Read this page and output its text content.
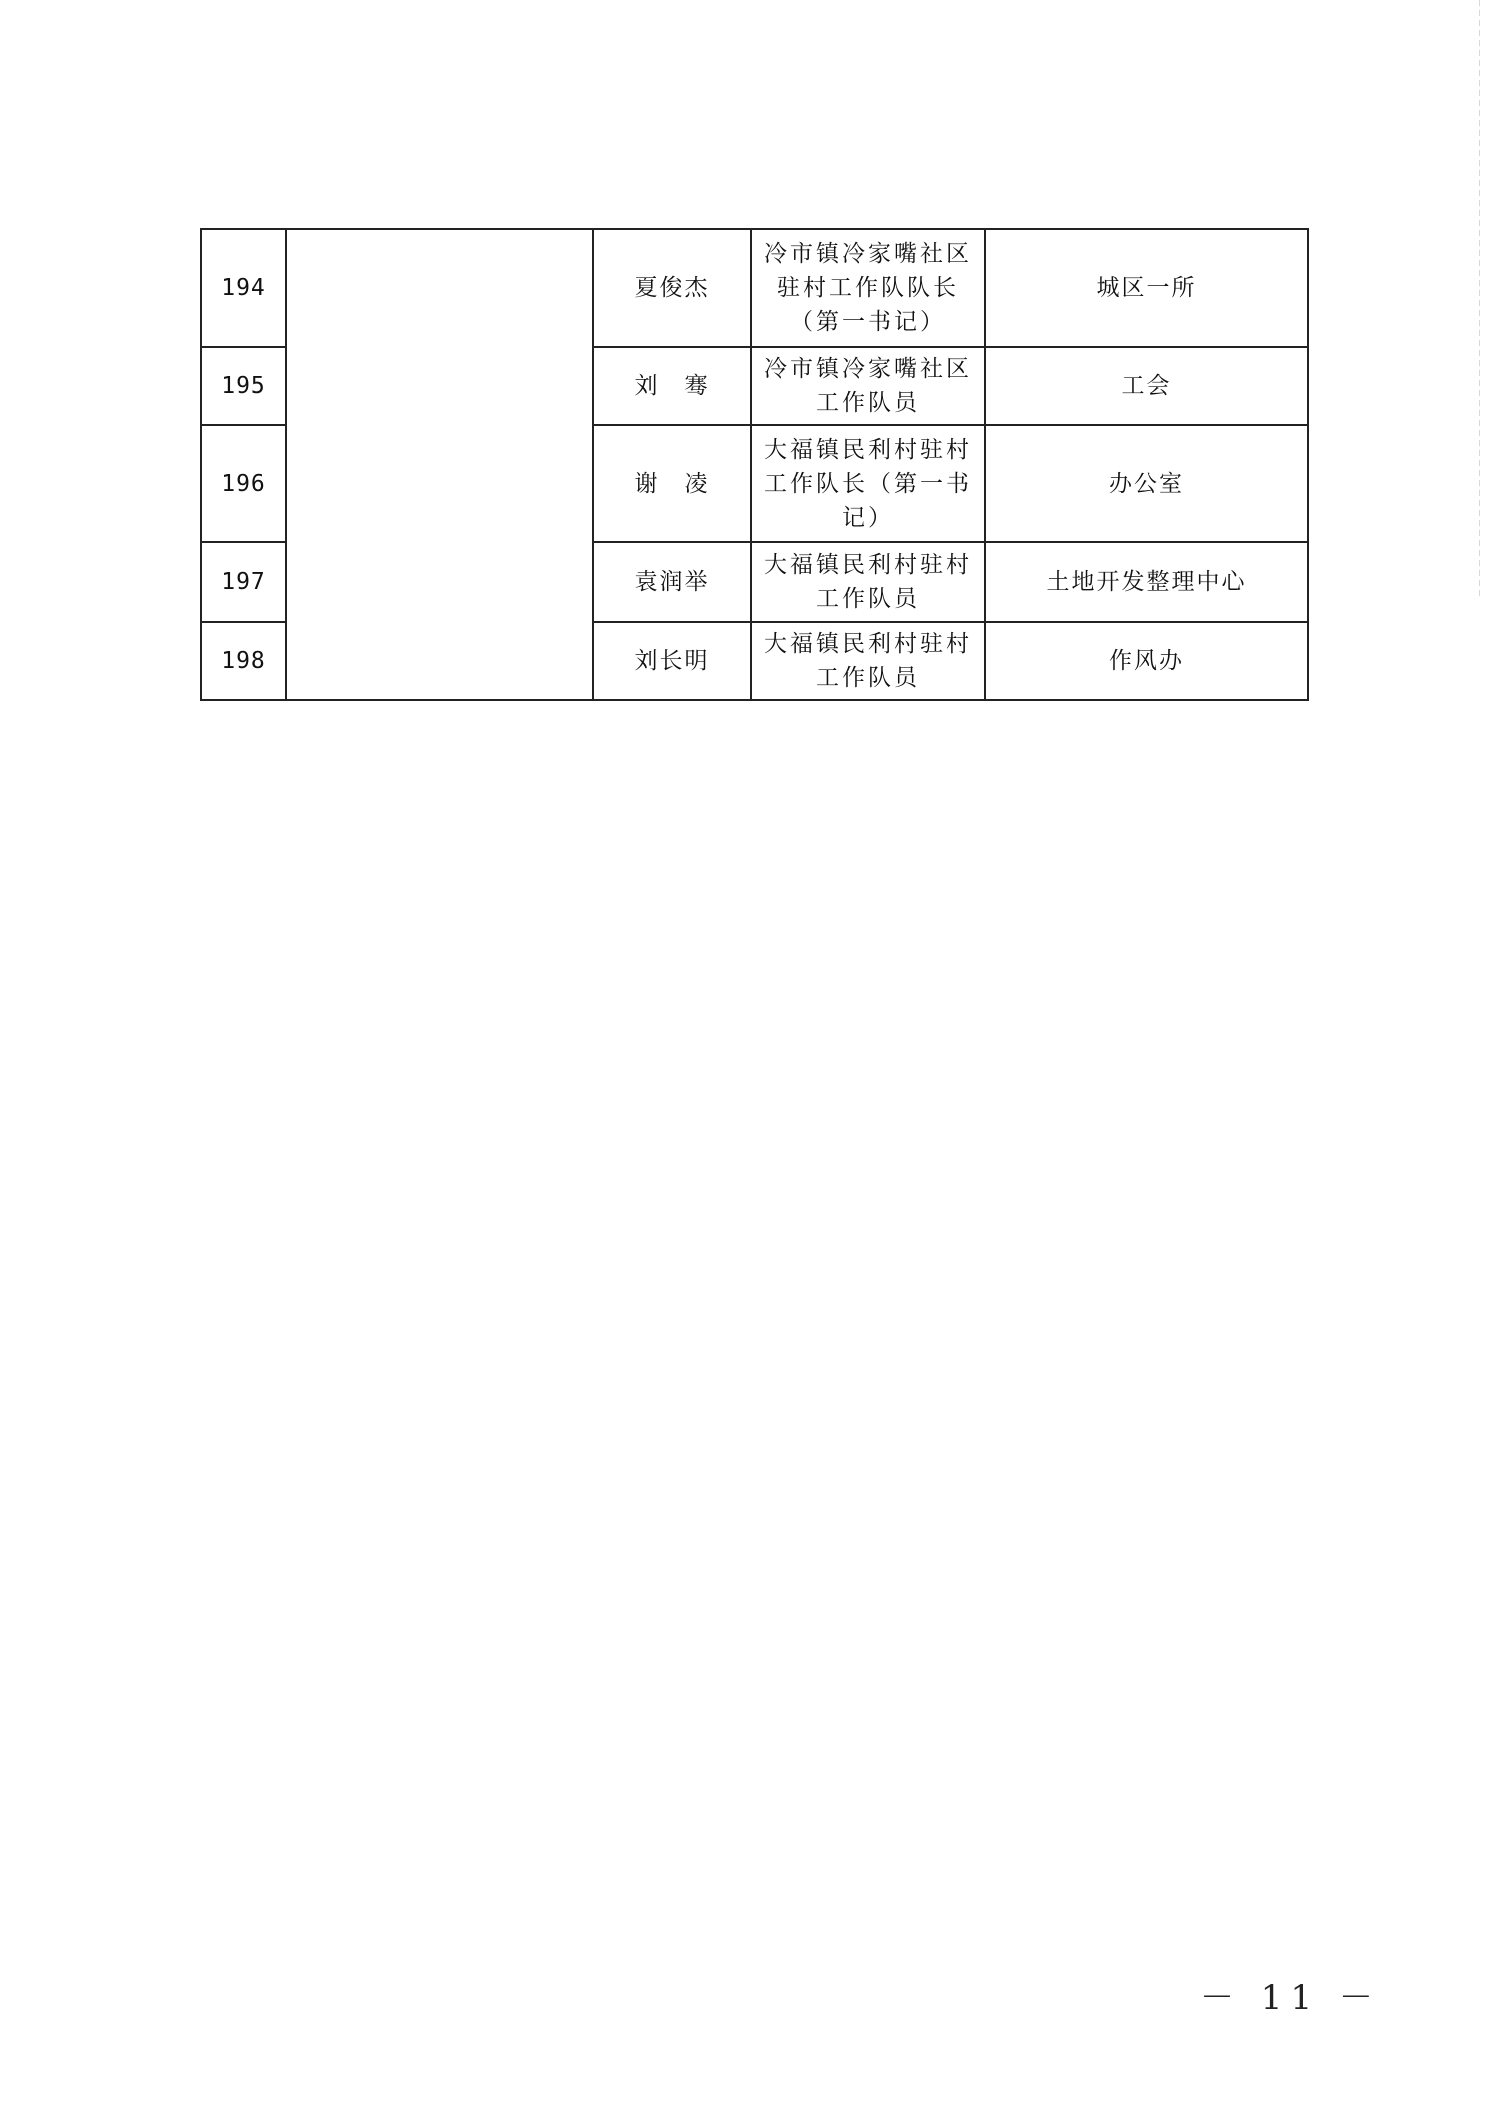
194		夏俊杰	冷市镇冷家嘴社区
驻村工作队队长
（第一书记）	城区一所
195		刘　骞	冷市镇冷家嘴社区
工作队员	工会
196		谢　凌	大福镇民利村驻村
工作队长（第一书
记）	办公室
197		袁润举	大福镇民利村驻村
工作队员	土地开发整理中心
198		刘长明	大福镇民利村驻村
工作队员	作风办
－ 11 －
